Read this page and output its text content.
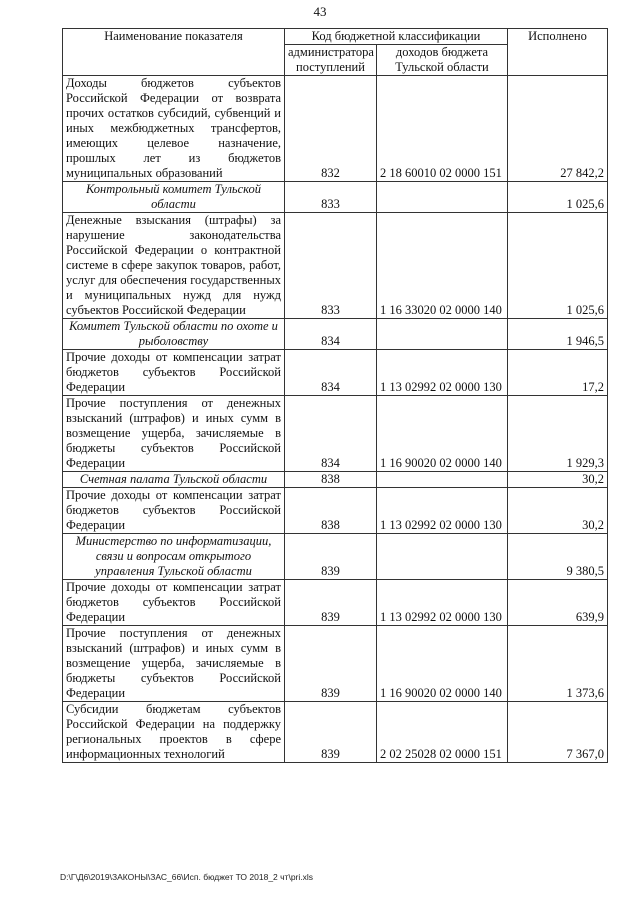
43
Наименование показателя	Код бюджетной классификации		Исполнено
	администратора поступлений	доходов бюджета Тульской области	
Доходы бюджетов субъектов Российской Федерации от возврата прочих остатков субсидий, субвенций и иных межбюджетных трансфертов, имеющих целевое назначение, прошлых лет из бюджетов муниципальных образований	832	2 18 60010 02 0000 151	27 842,2
Контрольный комитет Тульской области	833		1 025,6
Денежные взыскания (штрафы) за нарушение законодательства Российской Федерации о контрактной системе в сфере закупок товаров, работ, услуг для обеспечения государственных и муниципальных нужд для нужд субъектов Российской Федерации	833	1 16 33020 02 0000 140	1 025,6
Комитет Тульской области по охоте и рыболовству	834		1 946,5
Прочие доходы от компенсации затрат бюджетов субъектов Российской Федерации	834	1 13 02992 02 0000 130	17,2
Прочие поступления от денежных взысканий (штрафов) и иных сумм в возмещение ущерба, зачисляемые в бюджеты субъектов Российской Федерации	834	1 16 90020 02 0000 140	1 929,3
Счетная палата Тульской области	838		30,2
Прочие доходы от компенсации затрат бюджетов субъектов Российской Федерации	838	1 13 02992 02 0000 130	30,2
Министерство по информатизации, связи и вопросам открытого управления Тульской области	839		9 380,5
Прочие доходы от компенсации затрат бюджетов субъектов Российской Федерации	839	1 13 02992 02 0000 130	639,9
Прочие поступления от денежных взысканий (штрафов) и иных сумм в возмещение ущерба, зачисляемые в бюджеты субъектов Российской Федерации	839	1 16 90020 02 0000 140	1 373,6
Субсидии бюджетам субъектов Российской Федерации на поддержку региональных проектов в сфере информационных технологий	839	2 02 25028 02 0000 151	7 367,0
D:\Г\Д6\2019\ЗАКОНЫ\ЗАС_66\Исп. бюджет ТО 2018_2 чт\pri.xls
